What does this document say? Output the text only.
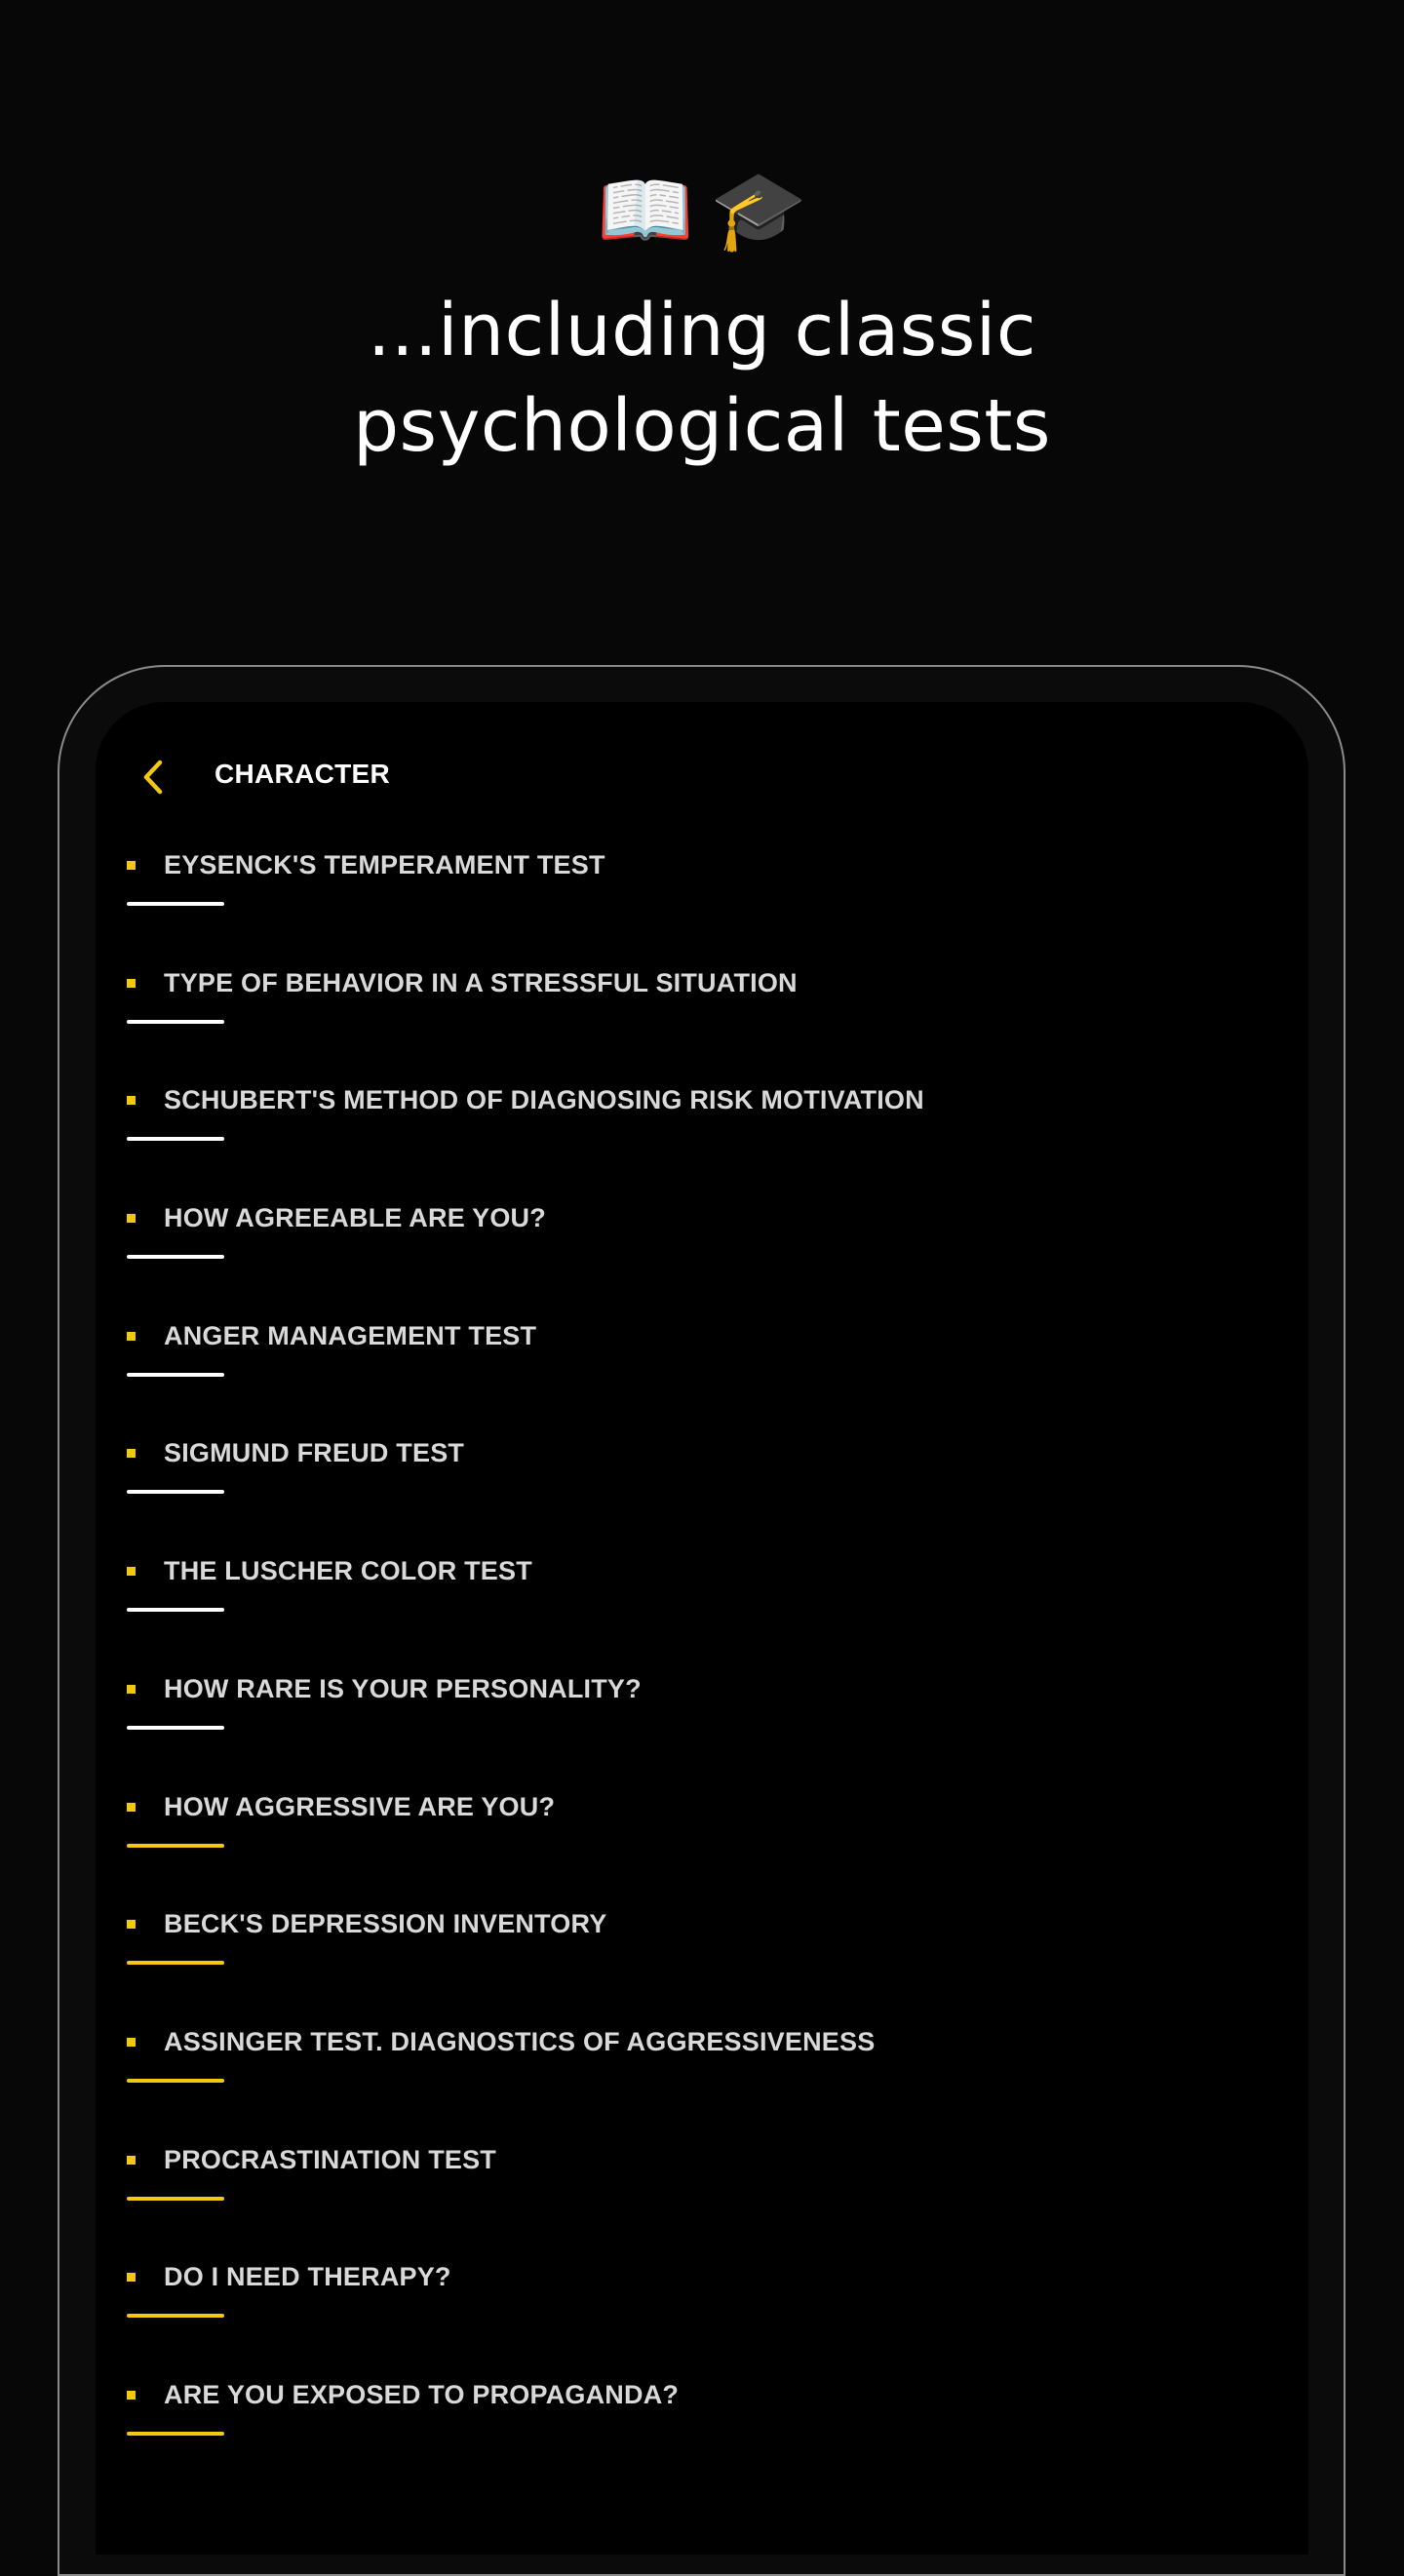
📖 🎓
...including classic
psychological tests
CHARACTER
EYSENCK'S TEMPERAMENT TEST
TYPE OF BEHAVIOR IN A STRESSFUL SITUATION
SCHUBERT'S METHOD OF DIAGNOSING RISK MOTIVATION
HOW AGREEABLE ARE YOU?
ANGER MANAGEMENT TEST
SIGMUND FREUD TEST
THE LUSCHER COLOR TEST
HOW RARE IS YOUR PERSONALITY?
HOW AGGRESSIVE ARE YOU?
BECK'S DEPRESSION INVENTORY
ASSINGER TEST. DIAGNOSTICS OF AGGRESSIVENESS
PROCRASTINATION TEST
DO I NEED THERAPY?
ARE YOU EXPOSED TO PROPAGANDA?
